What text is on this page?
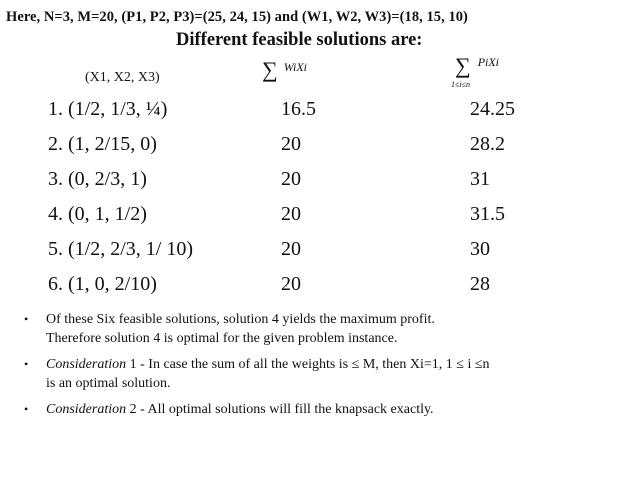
Here, N=3, M=20, (P1, P2, P3)=(25, 24, 15) and (W1, W2, W3)=(18, 15, 10)
Different feasible solutions are:
(X1, X2, X3)	∑ WiXi	∑ PiXi
1≤i≤n
1. (1/2, 1/3, ¼)	16.5	24.25
2. (1, 2/15, 0)	20	28.2
3. (0, 2/3, 1)	20	31
4. (0, 1, 1/2)	20	31.5
5. (1/2, 2/3, 1/ 10)	20	30
6. (1, 0, 2/10)	20	28
• Of these Six feasible solutions, solution 4 yields the maximum profit.
Therefore solution 4 is optimal for the given problem instance.
• Consideration 1 - In case the sum of all the weights is ≤ M, then Xi=1, 1 ≤ i ≤n
is an optimal solution.
• Consideration 2 - All optimal solutions will fill the knapsack exactly.
